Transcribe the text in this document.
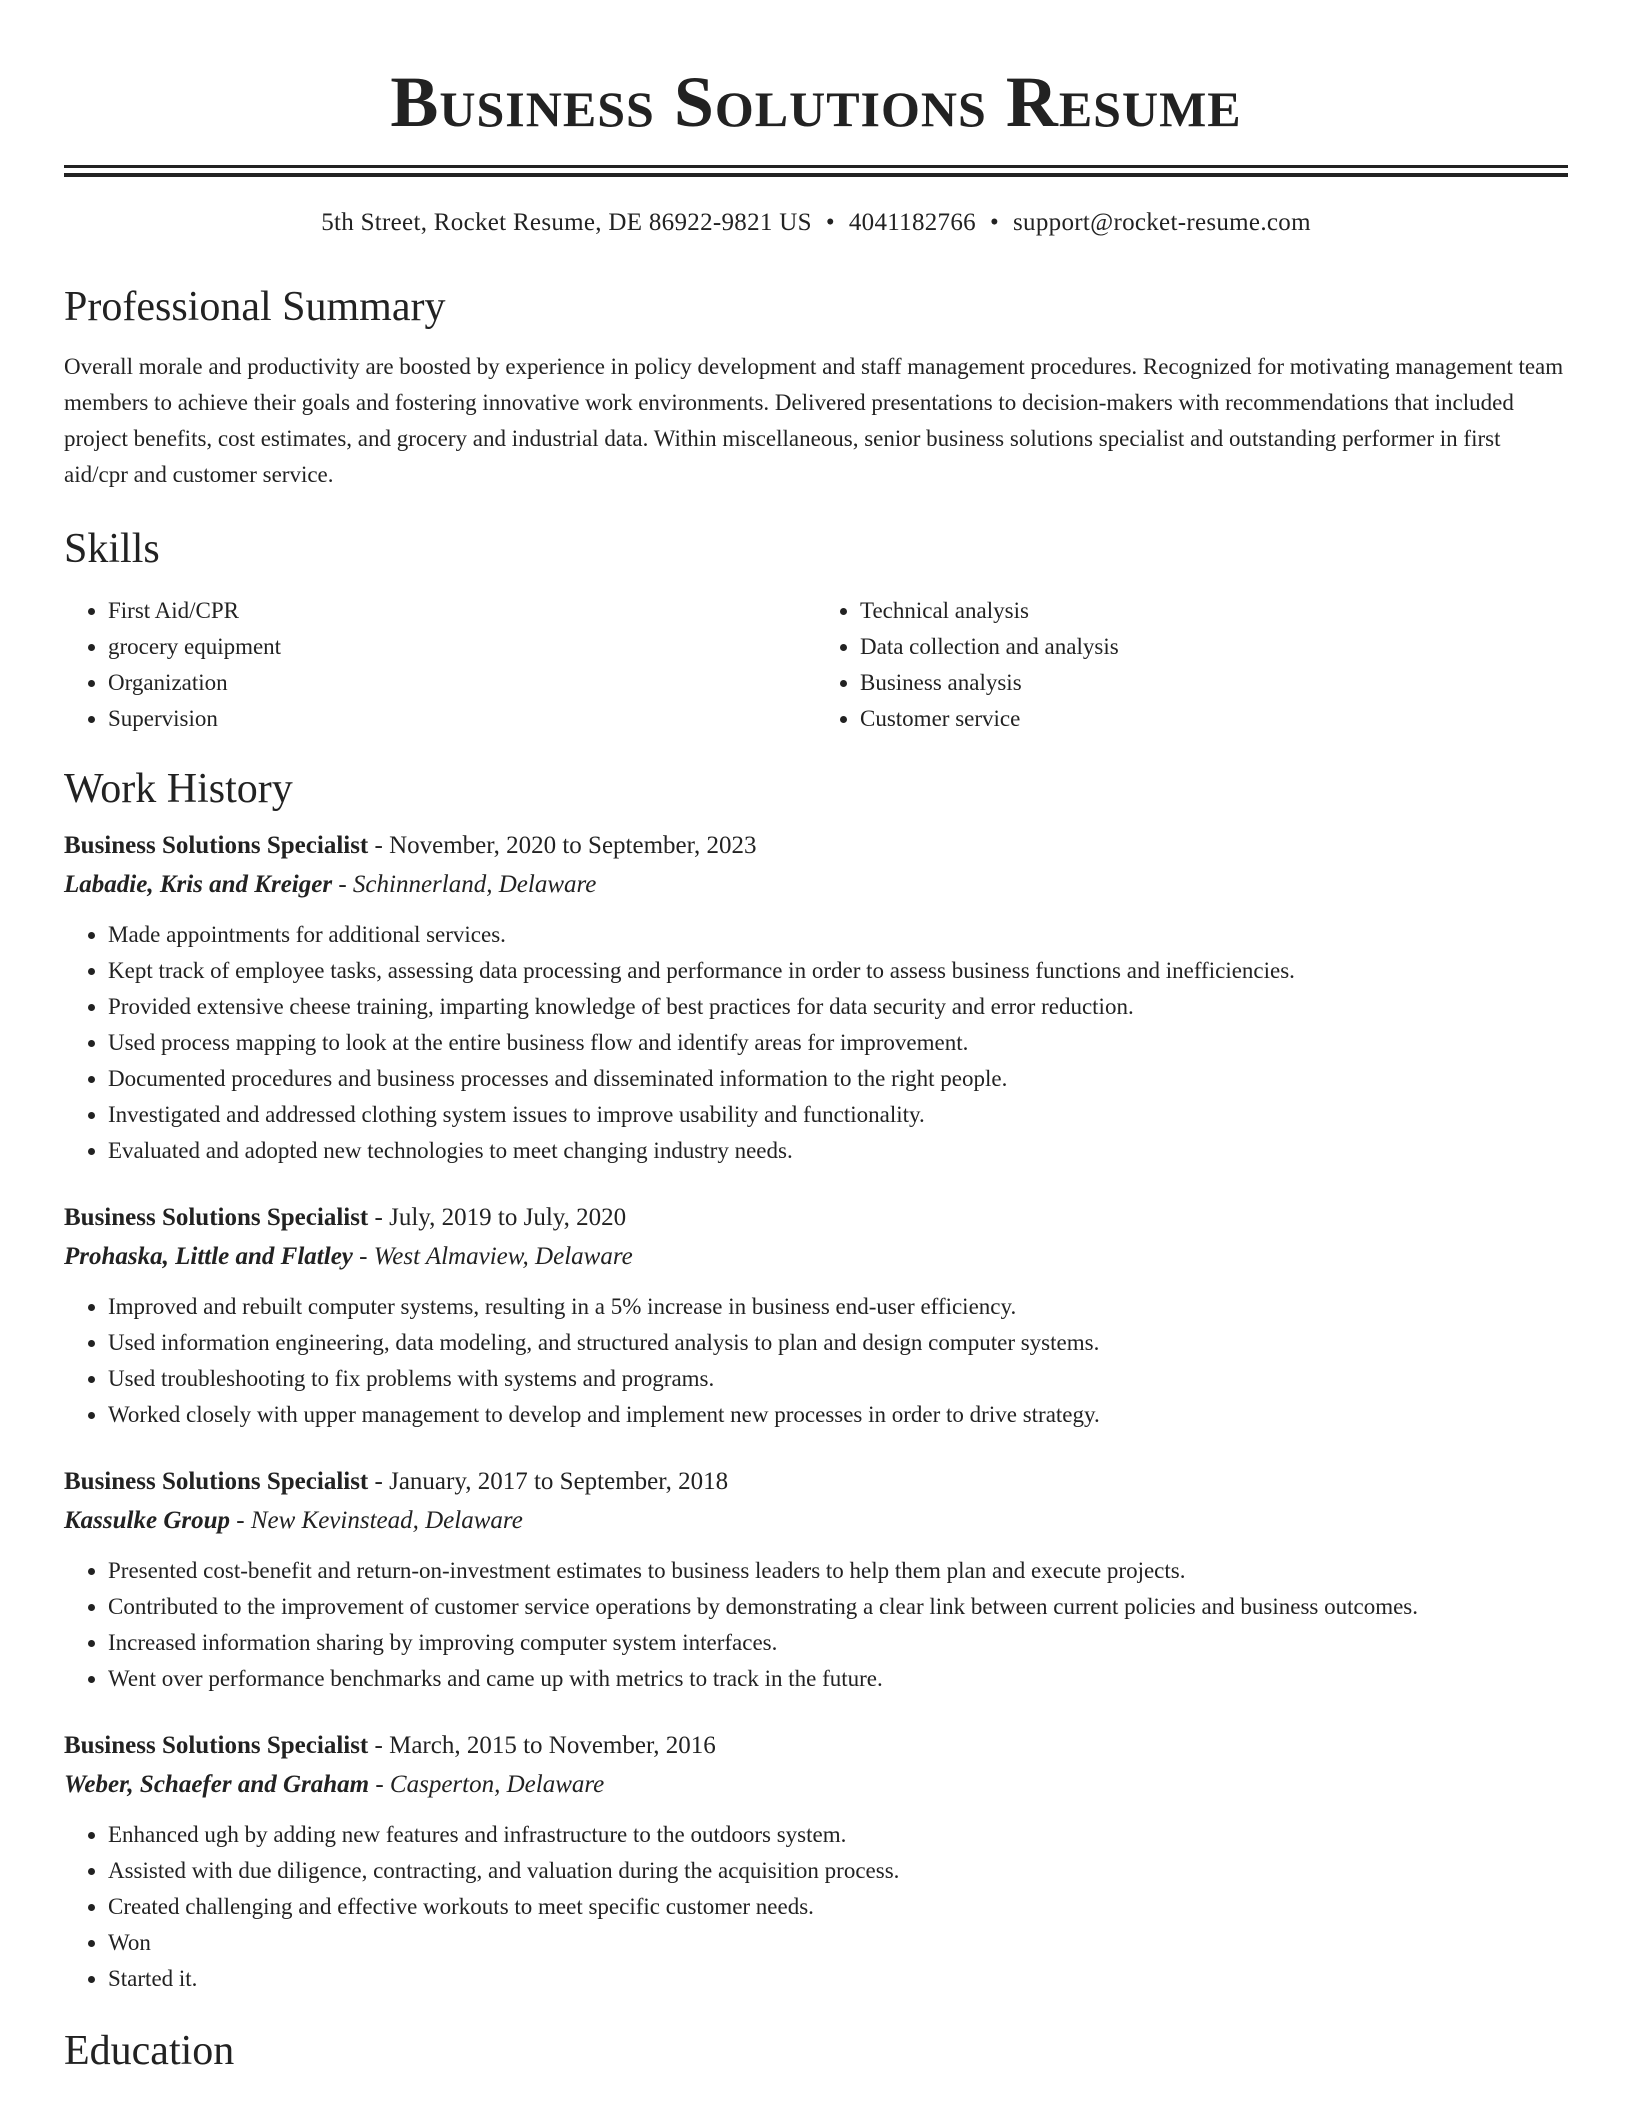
Business Solutions Resume
5th Street, Rocket Resume, DE 86922-9821 US • 4041182766 • support@rocket-resume.com
Professional Summary

Overall morale and productivity are boosted by experience in policy development and staff management procedures. Recognized for motivating management team members to achieve their goals and fostering innovative work environments. Delivered presentations to decision-makers with recommendations that included project benefits, cost estimates, and grocery and industrial data. Within miscellaneous, senior business solutions specialist and outstanding performer in first aid/cpr and customer service.

Skills
• First Aid/CPR
• grocery equipment
• Organization
• Supervision
• Technical analysis
• Data collection and analysis
• Business analysis
• Customer service
Work History
Business Solutions Specialist - November, 2020 to September, 2023
Labadie, Kris and Kreiger - Schinnerland, Delaware
• Made appointments for additional services.
• Kept track of employee tasks, assessing data processing and performance in order to assess business functions and inefficiencies.
• Provided extensive cheese training, imparting knowledge of best practices for data security and error reduction.
• Used process mapping to look at the entire business flow and identify areas for improvement.
• Documented procedures and business processes and disseminated information to the right people.
• Investigated and addressed clothing system issues to improve usability and functionality.
• Evaluated and adopted new technologies to meet changing industry needs.
Business Solutions Specialist - July, 2019 to July, 2020
Prohaska, Little and Flatley - West Almaview, Delaware
• Improved and rebuilt computer systems, resulting in a 5% increase in business end-user efficiency.
• Used information engineering, data modeling, and structured analysis to plan and design computer systems.
• Used troubleshooting to fix problems with systems and programs.
• Worked closely with upper management to develop and implement new processes in order to drive strategy.
Business Solutions Specialist - January, 2017 to September, 2018
Kassulke Group - New Kevinstead, Delaware
• Presented cost-benefit and return-on-investment estimates to business leaders to help them plan and execute projects.
• Contributed to the improvement of customer service operations by demonstrating a clear link between current policies and business outcomes.
• Increased information sharing by improving computer system interfaces.
• Went over performance benchmarks and came up with metrics to track in the future.
Business Solutions Specialist - March, 2015 to November, 2016
Weber, Schaefer and Graham - Casperton, Delaware
• Enhanced ugh by adding new features and infrastructure to the outdoors system.
• Assisted with due diligence, contracting, and valuation during the acquisition process.
• Created challenging and effective workouts to meet specific customer needs.
• Won
• Started it.
Education
